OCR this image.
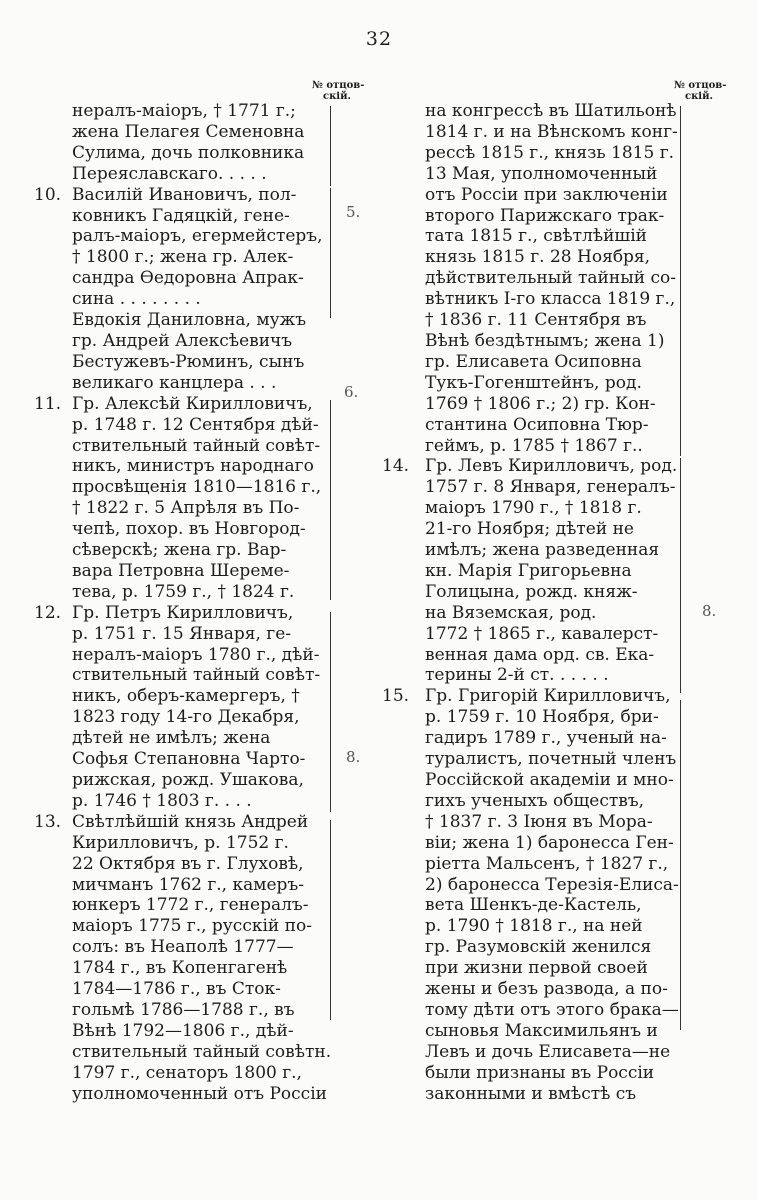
32
№ отцов-
скій.
№ отцов-
скій.
нералъ-маіоръ, † 1771 г.;
жена Пелагея Семеновна
Сулима, дочь полковника
Переяславскаго. . . . .
10. Василій Ивановичъ, пол-
ковникъ Гадяцкій, гене-
ралъ-маіоръ, егермейстеръ,
† 1800 г.; жена гр. Алек-
сандра Өедоровна Апрак-
сина . . . . . . . .
Евдокія Даниловна, мужъ
гр. Андрей Алексѣевичъ
Бестужевъ-Рюминъ, сынъ
великаго канцлера . . .
11. Гр. Алексѣй Кирилловичъ,
р. 1748 г. 12 Сентября дѣй-
ствительный тайный совѣт-
никъ, министръ народнаго
просвѣщенія 1810—1816 г.,
† 1822 г. 5 Апрѣля въ По-
чепѣ, похор. въ Новгород-
сѣверскѣ; жена гр. Вар-
вара Петровна Шереме-
тева, р. 1759 г., † 1824 г.
12. Гр. Петръ Кирилловичъ,
р. 1751 г. 15 Января, ге-
нералъ-маіоръ 1780 г., дѣй-
ствительный тайный совѣт-
никъ, оберъ-камергеръ, †
1823 году 14-го Декабря,
дѣтей не имѣлъ; жена
Софья Степановна Чарто-
рижская, рожд. Ушакова,
р. 1746 † 1803 г. . . .
13. Свѣтлѣйшій князь Андрей
Кирилловичъ, р. 1752 г.
22 Октября въ г. Глуховѣ,
мичманъ 1762 г., камеръ-
юнкеръ 1772 г., генералъ-
маіоръ 1775 г., русскій по-
солъ: въ Неаполѣ 1777—
1784 г., въ Копенгагенѣ
1784—1786 г., въ Сток-
гольмѣ 1786—1788 г., въ
Вѣнѣ 1792—1806 г., дѣй-
ствительный тайный совѣтн.
1797 г., сенаторъ 1800 г.,
уполномоченный отъ Россіи
на конгрессѣ въ Шатильонѣ
1814 г. и на Вѣнскомъ конг-
рессѣ 1815 г., князь 1815 г.
13 Мая, уполномоченный
отъ Россіи при заключеніи
второго Парижскаго трак-
тата 1815 г., свѣтлѣйшій
князь 1815 г. 28 Ноября,
дѣйствительный тайный со-
вѣтникъ I-го класса 1819 г.,
† 1836 г. 11 Сентября въ
Вѣнѣ бездѣтнымъ; жена 1)
гр. Елисавета Осиповна
Тукъ-Гогенштейнъ, род.
1769 † 1806 г.; 2) гр. Кон-
стантина Осиповна Тюр-
геймъ, р. 1785 † 1867 г..
14. Гр. Левъ Кирилловичъ, род.
1757 г. 8 Января, генералъ-
маіоръ 1790 г., † 1818 г.
21-го Ноября; дѣтей не
имѣлъ; жена разведенная
кн. Марія Григорьевна
Голицына, рожд. княж-
на Вяземская, род.
1772 † 1865 г., кавалерст-
венная дама орд. св. Ека-
терины 2-й ст. . . . . .
15. Гр. Григорій Кирилловичъ,
р. 1759 г. 10 Ноября, бри-
гадиръ 1789 г., ученый на-
туралистъ, почетный членъ
Россійской академіи и мно-
гихъ ученыхъ обществъ,
† 1837 г. 3 Іюня въ Мора-
віи; жена 1) баронесса Ген-
ріетта Мальсенъ, † 1827 г.,
2) баронесса Терезія-Елиса-
вета Шенкъ-де-Кастель,
р. 1790 † 1818 г., на ней
гр. Разумовскій женился
при жизни первой своей
жены и безъ развода, а по-
тому дѣти отъ этого брака—
сыновья Максимильянъ и
Левъ и дочь Елисавета—не
были признаны въ Россіи
законными и вмѣстѣ съ
5.
6.
8.
8.
